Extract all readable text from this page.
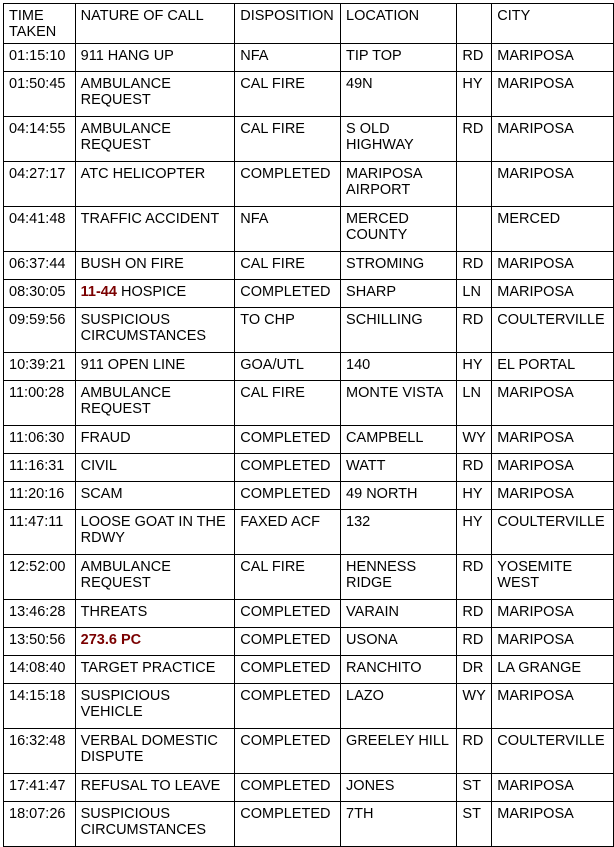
TIME TAKEN	NATURE OF CALL	DISPOSITION	LOCATION		CITY
01:15:10	911 HANG UP	NFA	TIP TOP	RD	MARIPOSA
01:50:45	AMBULANCE REQUEST	CAL FIRE	49N	HY	MARIPOSA
04:14:55	AMBULANCE REQUEST	CAL FIRE	S OLD HIGHWAY	RD	MARIPOSA
04:27:17	ATC HELICOPTER	COMPLETED	MARIPOSA AIRPORT		MARIPOSA
04:41:48	TRAFFIC ACCIDENT	NFA	MERCED COUNTY		MERCED
06:37:44	BUSH ON FIRE	CAL FIRE	STROMING	RD	MARIPOSA
08:30:05	11-44 HOSPICE	COMPLETED	SHARP	LN	MARIPOSA
09:59:56	SUSPICIOUS CIRCUMSTANCES	TO CHP	SCHILLING	RD	COULTERVILLE
10:39:21	911 OPEN LINE	GOA/UTL	140	HY	EL PORTAL
11:00:28	AMBULANCE REQUEST	CAL FIRE	MONTE VISTA	LN	MARIPOSA
11:06:30	FRAUD	COMPLETED	CAMPBELL	WY	MARIPOSA
11:16:31	CIVIL	COMPLETED	WATT	RD	MARIPOSA
11:20:16	SCAM	COMPLETED	49 NORTH	HY	MARIPOSA
11:47:11	LOOSE GOAT IN THE RDWY	FAXED ACF	132	HY	COULTERVILLE
12:52:00	AMBULANCE REQUEST	CAL FIRE	HENNESS RIDGE	RD	YOSEMITE WEST
13:46:28	THREATS	COMPLETED	VARAIN	RD	MARIPOSA
13:50:56	273.6 PC	COMPLETED	USONA	RD	MARIPOSA
14:08:40	TARGET PRACTICE	COMPLETED	RANCHITO	DR	LA GRANGE
14:15:18	SUSPICIOUS VEHICLE	COMPLETED	LAZO	WY	MARIPOSA
16:32:48	VERBAL DOMESTIC DISPUTE	COMPLETED	GREELEY HILL	RD	COULTERVILLE
17:41:47	REFUSAL TO LEAVE	COMPLETED	JONES	ST	MARIPOSA
18:07:26	SUSPICIOUS CIRCUMSTANCES	COMPLETED	7TH	ST	MARIPOSA
